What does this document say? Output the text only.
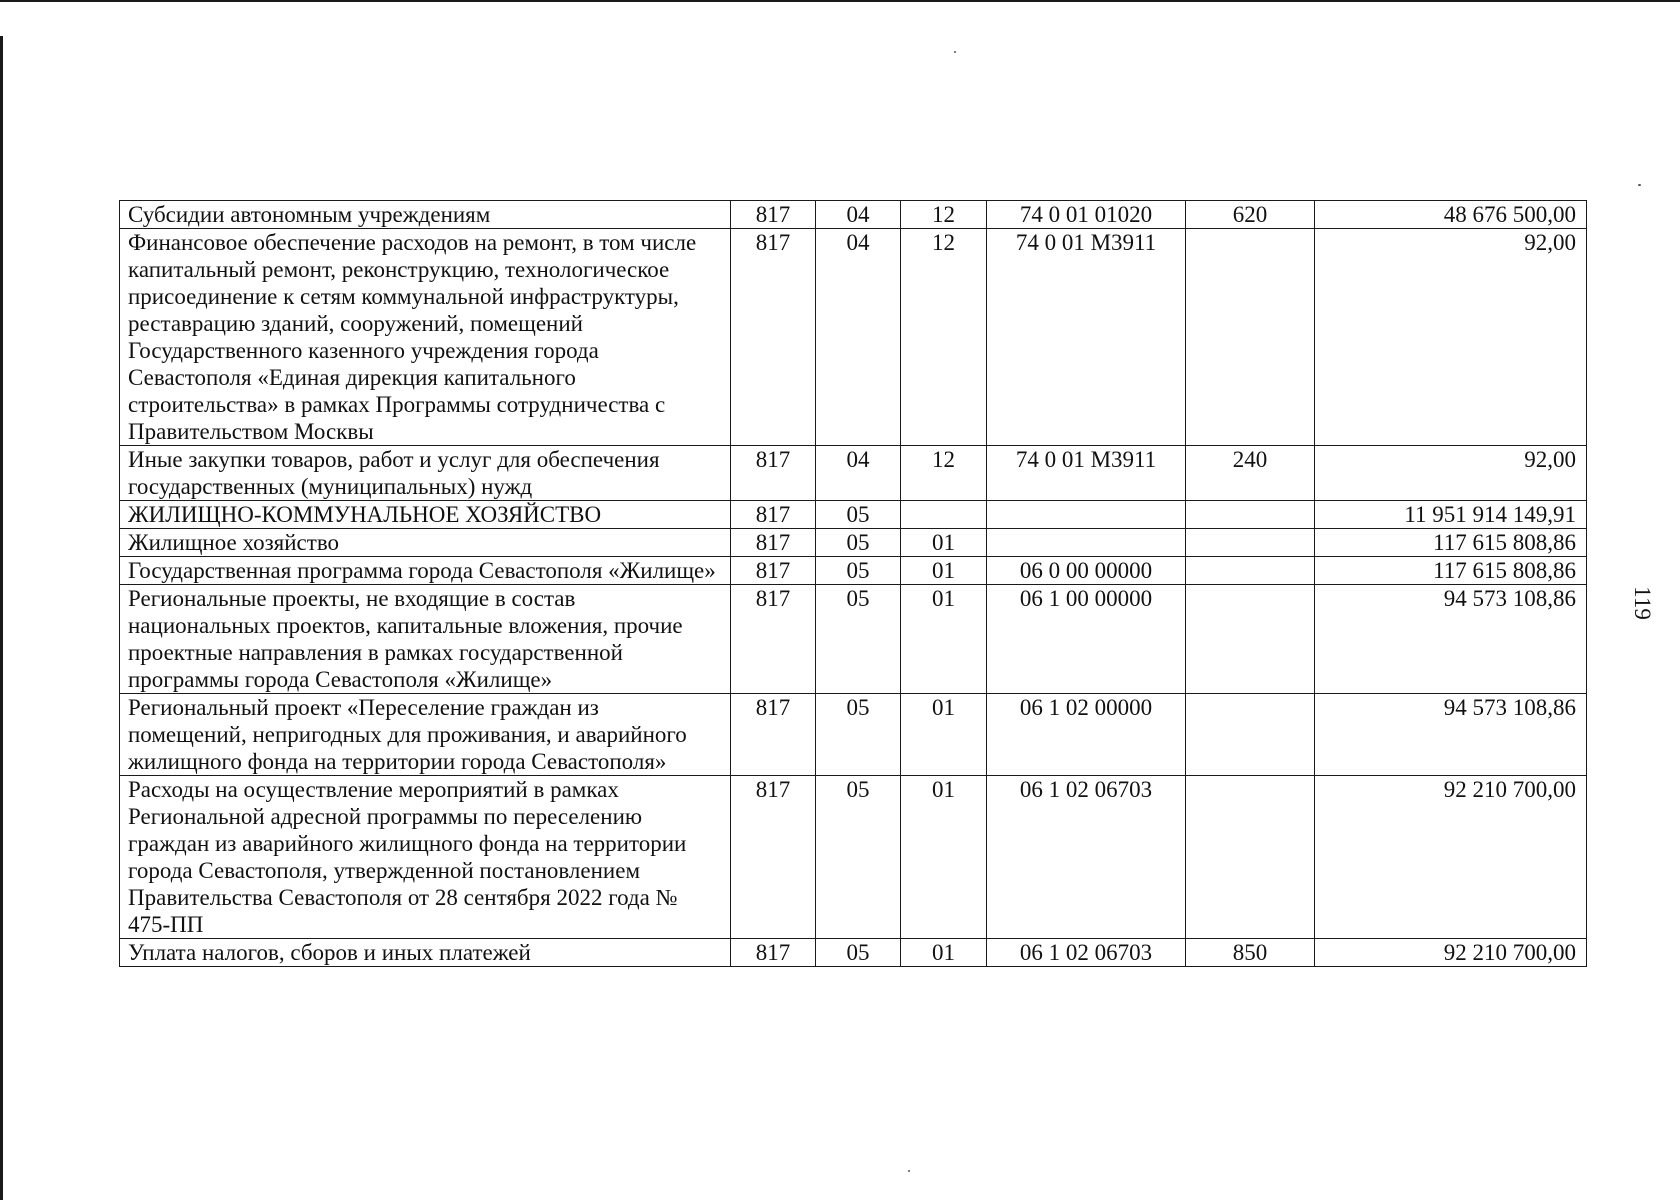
Субсидии автономным учреждениям	817	04	12	74 0 01 01020	620	48 676 500,00
Финансовое обеспечение расходов на ремонт, в том числе капитальный ремонт, реконструкцию, технологическое присоединение к сетям коммунальной инфраструктуры, реставрацию зданий, сооружений, помещений Государственного казенного учреждения города Севастополя «Единая дирекция капитального строительства» в рамках Программы сотрудничества с Правительством Москвы	817	04	12	74 0 01 М3911		92,00
Иные закупки товаров, работ и услуг для обеспечения государственных (муниципальных) нужд	817	04	12	74 0 01 М3911	240	92,00
ЖИЛИЩНО-КОММУНАЛЬНОЕ ХОЗЯЙСТВО	817	05				11 951 914 149,91
Жилищное хозяйство	817	05	01			117 615 808,86
Государственная программа города Севастополя «Жилище»	817	05	01	06 0 00 00000		117 615 808,86
Региональные проекты, не входящие в состав национальных проектов, капитальные вложения, прочие проектные направления в рамках государственной программы города Севастополя «Жилище»	817	05	01	06 1 00 00000		94 573 108,86
Региональный проект «Переселение граждан из помещений, непригодных для проживания, и аварийного жилищного фонда на территории города Севастополя»	817	05	01	06 1 02 00000		94 573 108,86
Расходы на осуществление мероприятий в рамках Региональной адресной программы по переселению граждан из аварийного жилищного фонда на территории города Севастополя, утвержденной постановлением Правительства Севастополя от 28 сентября 2022 года № 475-ПП	817	05	01	06 1 02 06703		92 210 700,00
Уплата налогов, сборов и иных платежей	817	05	01	06 1 02 06703	850	92 210 700,00
119
